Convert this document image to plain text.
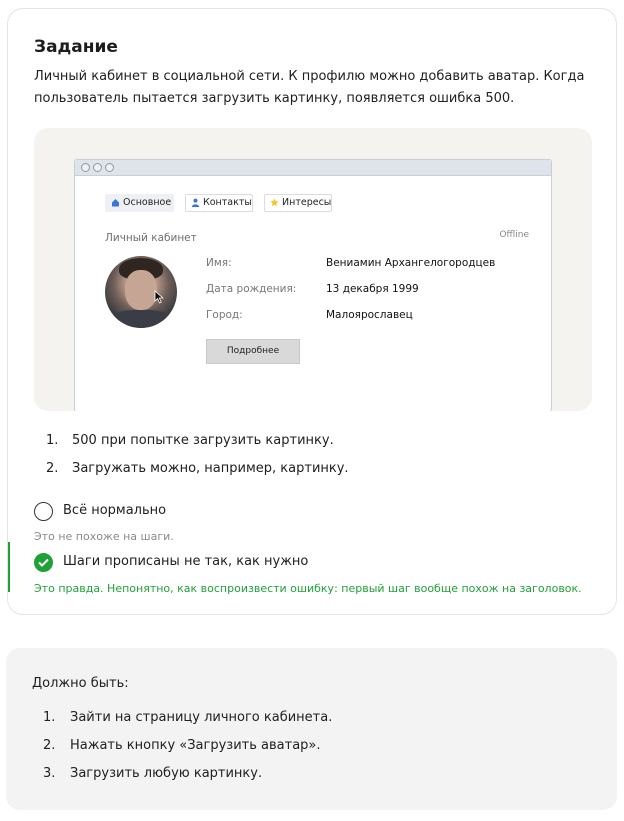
Задание
Личный кабинет в социальной сети. К профилю можно добавить аватар. Когда пользователь пытается загрузить картинку, появляется ошибка 500.
Основное	Контакты	Интересы
Личный кабинет	Offline
Имя:	Вениамин Архангелогородцев
Дата рождения:	13 декабря 1999
Город:	Малоярославец
Подробнее
1. 500 при попытке загрузить картинку.
2. Загружать можно, например, картинку.
Всё нормально
Это не похоже на шаги.
Шаги прописаны не так, как нужно
Это правда. Непонятно, как воспроизвести ошибку: первый шаг вообще похож на заголовок.
Должно быть:
1. Зайти на страницу личного кабинета.
2. Нажать кнопку «Загрузить аватар».
3. Загрузить любую картинку.
